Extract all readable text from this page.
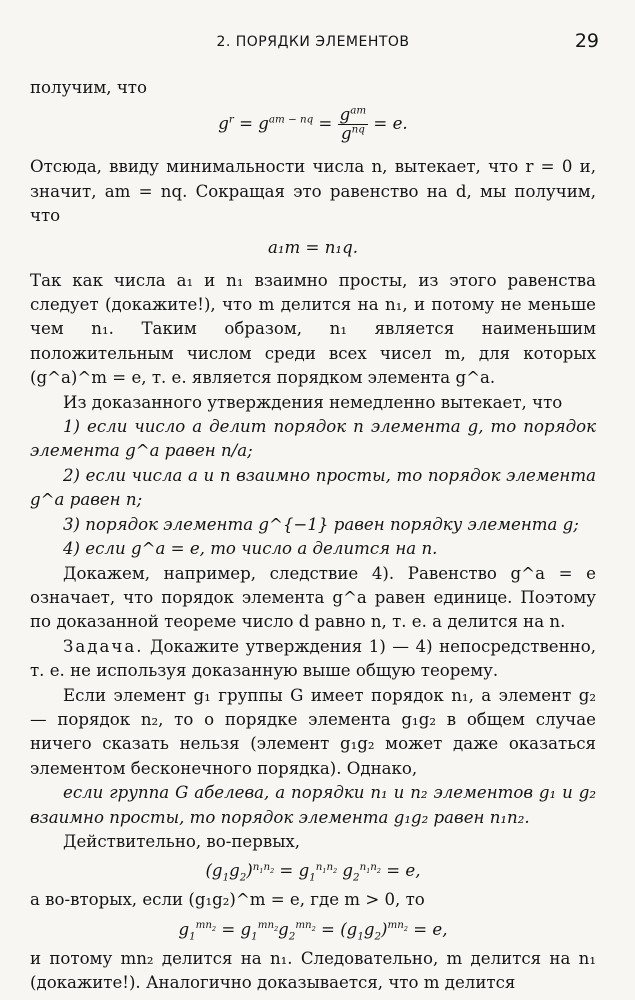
2. ПОРЯДКИ ЭЛЕМЕНТОВ	29

получим, что

$g^r = g^{am - nq} = g^{am}$
$g^{nq} = e$.

Отсюда, ввиду минимальности числа n, вытекает, что r = 0 и, значит, am = nq. Сокращая это равенство на d, мы получим, что

a₁m = n₁q.

Так как числа a₁ и n₁ взаимно просты, из этого равенства следует (докажите!), что m делится на n₁, и потому не меньше чем n₁. Таким образом, n₁ является наименьшим положительным числом среди всех чисел m, для которых (g^a)^m = e, т. е. является порядком элемента g^a.

Из доказанного утверждения немедленно вытекает, что

1) если число a делит порядок n элемента g, то порядок элемента g^a равен n/a;

2) если числа a и n взаимно просты, то порядок элемента g^a равен n;

3) порядок элемента g^{−1} равен порядку элемента g;

4) если g^a = e, то число a делится на n.

Докажем, например, следствие 4). Равенство g^a = e означает, что порядок элемента g^a равен единице. Поэтому по доказанной теореме число d равно n, т. е. a делится на n.

Задача. Докажите утверждения 1) — 4) непосредственно, т. е. не используя доказанную выше общую теорему.

Если элемент g₁ группы G имеет порядок n₁, а элемент g₂ — порядок n₂, то о порядке элемента g₁g₂ в общем случае ничего сказать нельзя (элемент g₁g₂ может даже оказаться элементом бесконечного порядка). Однако,

если группа G абелева, а порядки n₁ и n₂ элементов g₁ и g₂ взаимно просты, то порядок элемента g₁g₂ равен n₁n₂.

Действительно, во-первых,

$(g_1g_2)^{n_1n_2} = g_1^{n_1n_2}$ $g_2^{n_1n_2} = e$,

а во-вторых, если (g₁g₂)^m = e, где m > 0, то

$g_1^{mn_2} = g_1^{mn_2}g_2^{mn_2} = (g_1g_2)^{mn_2} = e$,

и потому mn₂ делится на n₁. Следовательно, m делится на n₁ (докажите!). Аналогично доказывается, что m делится
